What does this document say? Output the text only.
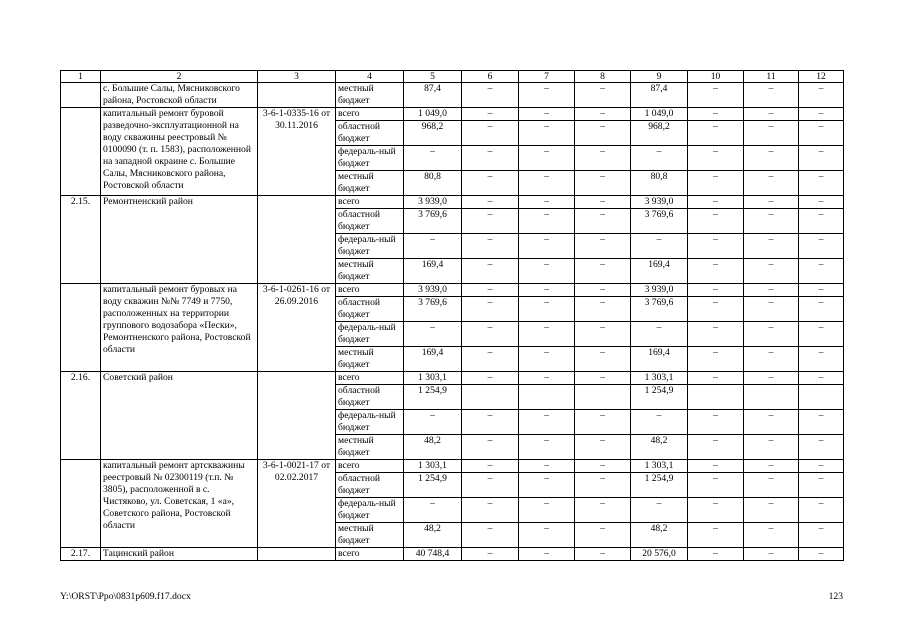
1	2	3	4	5	6	7	8	9	10	11	12
	с. Большие Салы, Мясниковского района, Ростовской области		местный бюджет	87,4	–	–	–	87,4	–	–	–
	капитальный ремонт буровой разведочно-эксплуатационной на воду скважины реестровый № 0100090 (т. п. 1583), расположенной на западной окраине с. Большие Салы, Мясниковского района, Ростовской области	3-6-1-0335-16 от 30.11.2016	всего	1 049,0	–	–	–	1 049,0	–	–	–
			областной бюджет	968,2	–	–	–	968,2	–	–	–
			федераль-ный бюджет	–	–	–	–	–	–	–	–
			местный бюджет	80,8	–	–	–	80,8	–	–	–
2.15.	Ремонтненский район		всего	3 939,0	–	–	–	3 939,0	–	–	–
			областной бюджет	3 769,6	–	–	–	3 769,6	–	–	–
			федераль-ный бюджет	–	–	–	–	–	–	–	–
			местный бюджет	169,4	–	–	–	169,4	–	–	–
	капитальный ремонт буровых на воду скважин №№ 7749 и 7750, расположенных на территории группового водозабора «Пески», Ремонтненского района, Ростовской области	3-6-1-0261-16 от 26.09.2016	всего	3 939,0	–	–	–	3 939,0	–	–	–
			областной бюджет	3 769,6	–	–	–	3 769,6	–	–	–
			федераль-ный бюджет	–	–	–	–	–	–	–	–
			местный бюджет	169,4	–	–	–	169,4	–	–	–
2.16.	Советский район		всего	1 303,1	–	–	–	1 303,1	–	–	–
			областной бюджет	1 254,9				1 254,9			
			федераль-ный бюджет	–	–	–	–	–	–	–	–
			местный бюджет	48,2	–	–	–	48,2	–	–	–
	капитальный ремонт артскважины реестровый № 02300119 (т.п. № 3805), расположенной в с. Чистяково, ул. Советская, 1 «а», Советского района, Ростовской области	3-6-1-0021-17 от 02.02.2017	всего	1 303,1	–	–	–	1 303,1	–	–	–
			областной бюджет	1 254,9	–	–	–	1 254,9	–	–	–
			федераль-ный бюджет	–	–	–	–	–	–	–	–
			местный бюджет	48,2	–	–	–	48,2	–	–	–
2.17.	Тацинский район		всего	40 748,4	–	–	–	20 576,0	–	–	–
Y:\ORST\Ppo\0831p609.f17.docx	123
